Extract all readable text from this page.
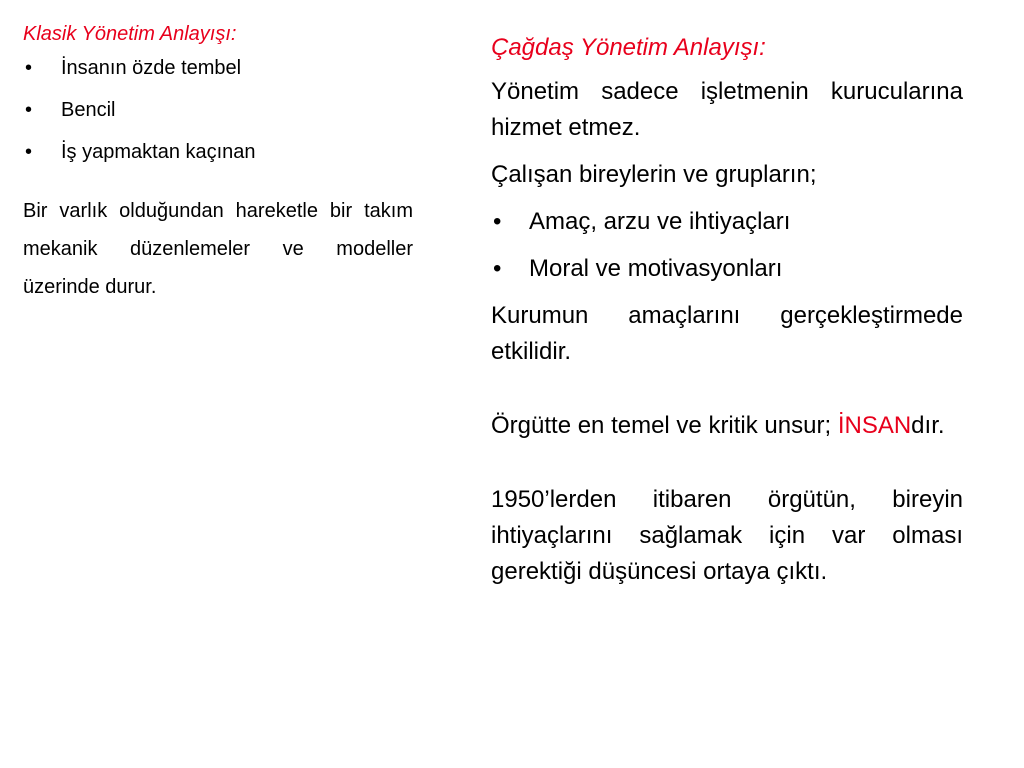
Klasik Yönetim Anlayışı:

• İnsanın özde tembel
• Bencil
• İş yapmaktan kaçınan

Bir varlık olduğundan hareketle bir takım mekanik düzenlemeler ve modeller üzerinde durur.

Çağdaş Yönetim Anlayışı:

Yönetim sadece işletmenin kurucularına hizmet etmez.

Çalışan bireylerin ve grupların;

• Amaç, arzu ve ihtiyaçları
• Moral ve motivasyonları

Kurumun amaçlarını gerçekleştirmede etkilidir.

Örgütte en temel ve kritik unsur; İNSANdır.

1950’lerden itibaren örgütün, bireyin ihtiyaçlarını sağlamak için var olması gerektiği düşüncesi ortaya çıktı.
